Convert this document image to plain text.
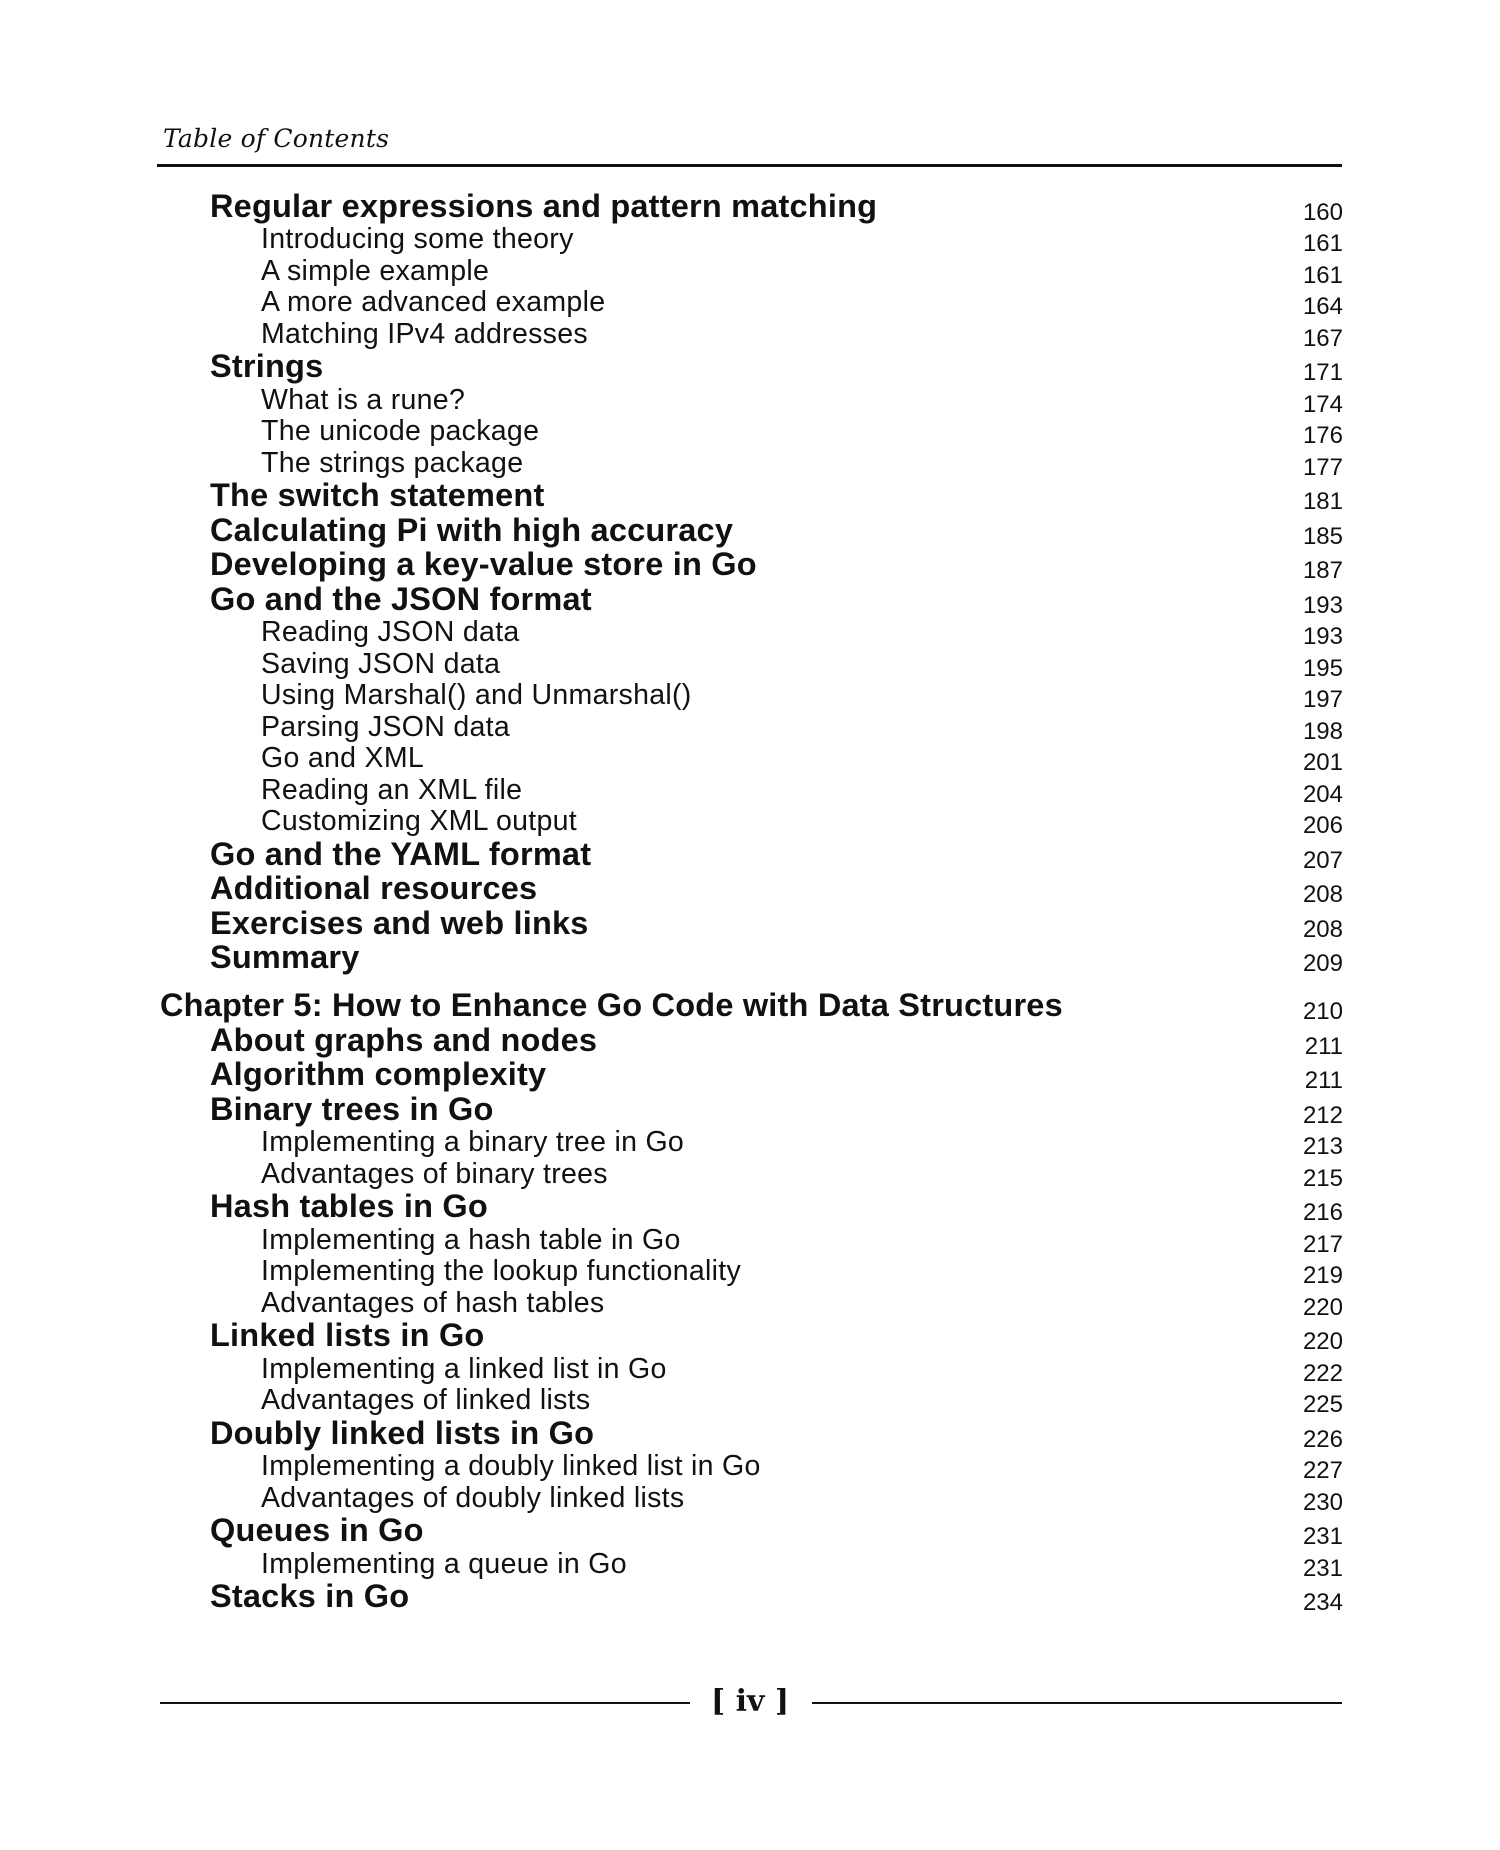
Table of Contents
Regular expressions and pattern matching	160
Introducing some theory	161
A simple example	161
A more advanced example	164
Matching IPv4 addresses	167
Strings	171
What is a rune?	174
The unicode package	176
The strings package	177
The switch statement	181
Calculating Pi with high accuracy	185
Developing a key-value store in Go	187
Go and the JSON format	193
Reading JSON data	193
Saving JSON data	195
Using Marshal() and Unmarshal()	197
Parsing JSON data	198
Go and XML	201
Reading an XML file	204
Customizing XML output	206
Go and the YAML format	207
Additional resources	208
Exercises and web links	208
Summary	209
Chapter 5: How to Enhance Go Code with Data Structures	210
About graphs and nodes	211
Algorithm complexity	211
Binary trees in Go	212
Implementing a binary tree in Go	213
Advantages of binary trees	215
Hash tables in Go	216
Implementing a hash table in Go	217
Implementing the lookup functionality	219
Advantages of hash tables	220
Linked lists in Go	220
Implementing a linked list in Go	222
Advantages of linked lists	225
Doubly linked lists in Go	226
Implementing a doubly linked list in Go	227
Advantages of doubly linked lists	230
Queues in Go	231
Implementing a queue in Go	231
Stacks in Go	234
[ iv ]
